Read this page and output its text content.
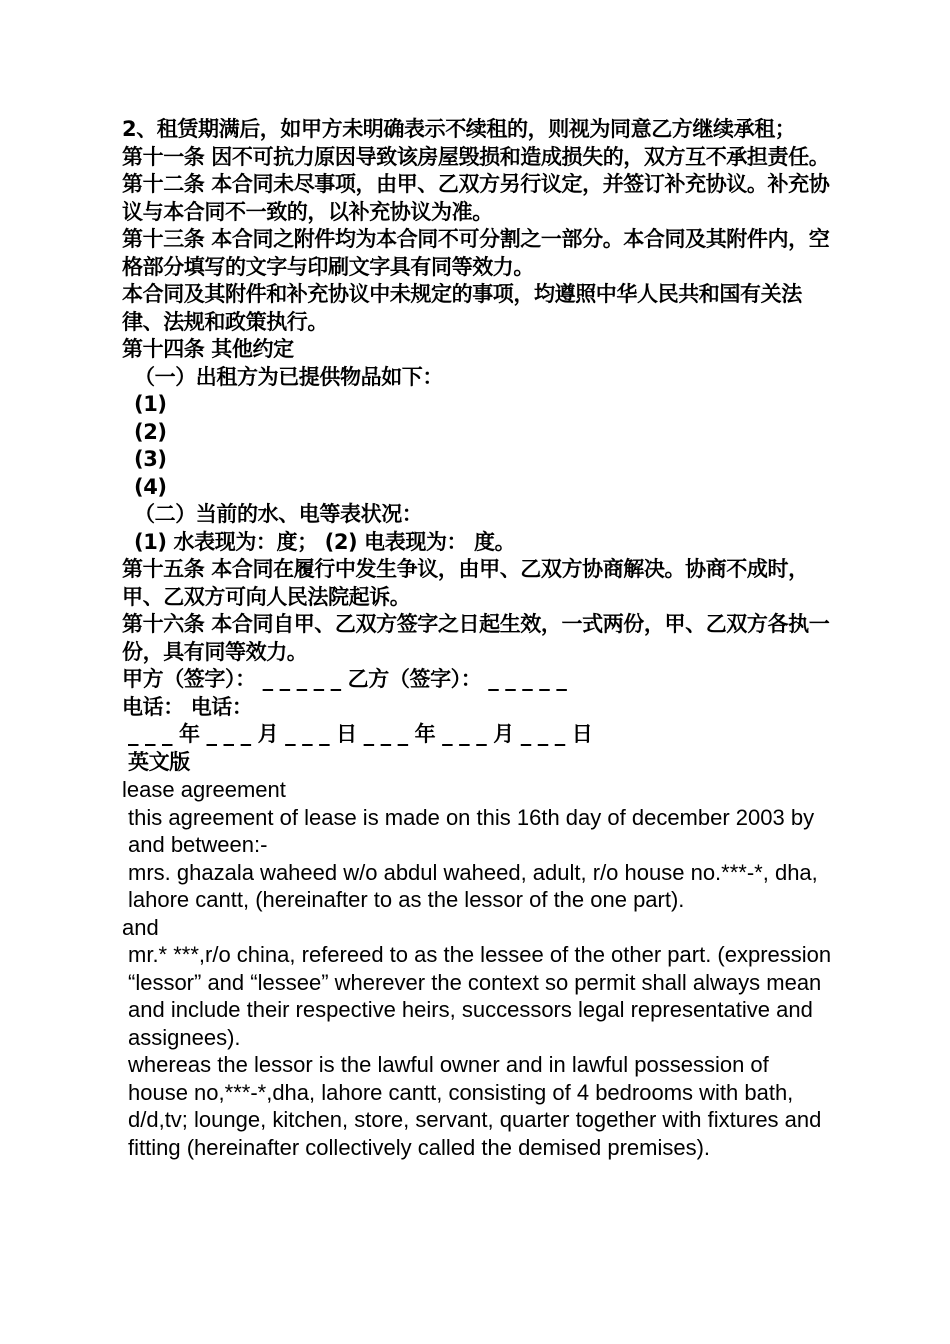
2、租赁期满后，如甲方未明确表示不续租的，则视为同意乙方继续承租；

第十一条 因不可抗力原因导致该房屋毁损和造成损失的，双方互不承担责任。第十二条 本合同未尽事项，由甲、乙双方另行议定，并签订补充协议。补充协议与本合同不一致的，以补充协议为准。

第十三条 本合同之附件均为本合同不可分割之一部分。本合同及其附件内，空格部分填写的文字与印刷文字具有同等效力。

本合同及其附件和补充协议中未规定的事项，均遵照中华人民共和国有关法律、法规和政策执行。

第十四条 其他约定

（一）出租方为已提供物品如下：

(1)

(2)

(3)

(4)

（二）当前的水、电等表状况：

(1) 水表现为：度； (2) 电表现为： 度。

第十五条 本合同在履行中发生争议，由甲、乙双方协商解决。协商不成时，甲、乙双方可向人民法院起诉。

第十六条 本合同自甲、乙双方签字之日起生效，一式两份，甲、乙双方各执一份，具有同等效力。

甲方（签字）： _ _ _ _ _ 乙方（签字）： _ _ _ _ _

电话： 电话：

_ _ _ 年 _ _ _ 月 _ _ _ 日 _ _ _ 年 _ _ _ 月 _ _ _ 日

英文版

lease agreement

this agreement of lease is made on this 16th day of december 2003 by and between:-

mrs. ghazala waheed w/o abdul waheed, adult, r/o house no.***-*, dha, lahore cantt, (hereinafter to as the lessor of the one part).

and

mr.* ***,r/o china, refereed to as the lessee of the other part. (expression “lessor” and “lessee” wherever the context so permit shall always mean and include their respective heirs, successors legal representative and assignees).

whereas the lessor is the lawful owner and in lawful possession of house no,***-*,dha, lahore cantt, consisting of 4 bedrooms with bath, d/d,tv; lounge, kitchen, store, servant, quarter together with fixtures and fitting (hereinafter collectively called the demised premises).
